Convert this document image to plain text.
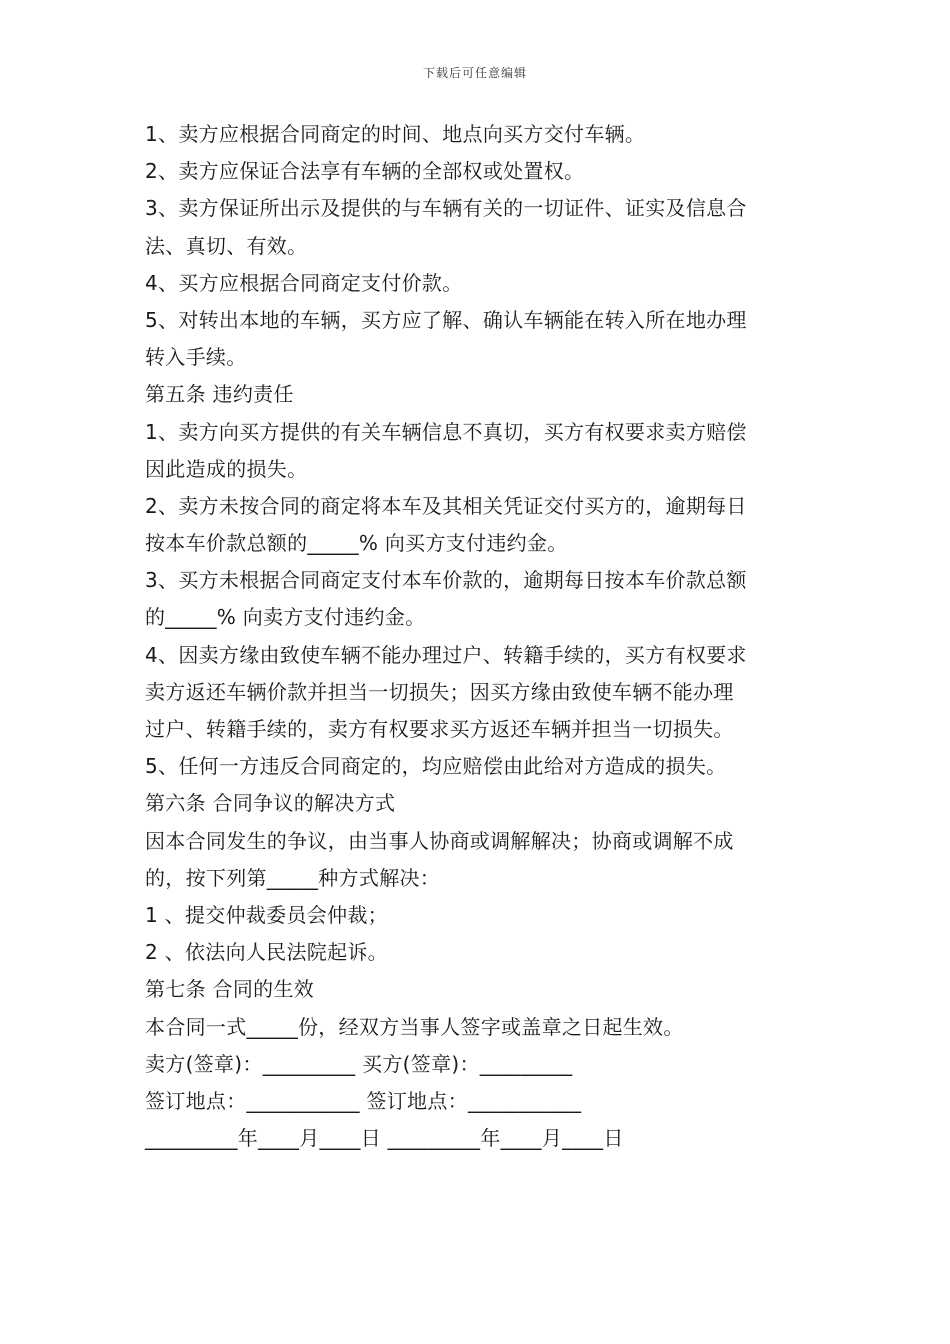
下载后可任意编辑
1、卖方应根据合同商定的时间、地点向买方交付车辆。
2、卖方应保证合法享有车辆的全部权或处置权。
3、卖方保证所出示及提供的与车辆有关的一切证件、证实及信息合
法、真切、有效。
4、买方应根据合同商定支付价款。
5、对转出本地的车辆，买方应了解、确认车辆能在转入所在地办理
转入手续。
第五条 违约责任
1、卖方向买方提供的有关车辆信息不真切，买方有权要求卖方赔偿
因此造成的损失。
2、卖方未按合同的商定将本车及其相关凭证交付买方的，逾期每日
按本车价款总额的_____% 向买方支付违约金。
3、买方未根据合同商定支付本车价款的，逾期每日按本车价款总额
的_____% 向卖方支付违约金。
4、因卖方缘由致使车辆不能办理过户、转籍手续的，买方有权要求
卖方返还车辆价款并担当一切损失；因买方缘由致使车辆不能办理
过户、转籍手续的，卖方有权要求买方返还车辆并担当一切损失。
5、任何一方违反合同商定的，均应赔偿由此给对方造成的损失。
第六条 合同争议的解决方式
因本合同发生的争议，由当事人协商或调解解决；协商或调解不成
的，按下列第_____种方式解决：
1 、提交仲裁委员会仲裁；
2 、依法向人民法院起诉。
第七条 合同的生效
本合同一式_____份，经双方当事人签字或盖章之日起生效。
卖方(签章)：_________ 买方(签章)：_________
签订地点：___________ 签订地点：___________
_________年____月____日 _________年____月____日
